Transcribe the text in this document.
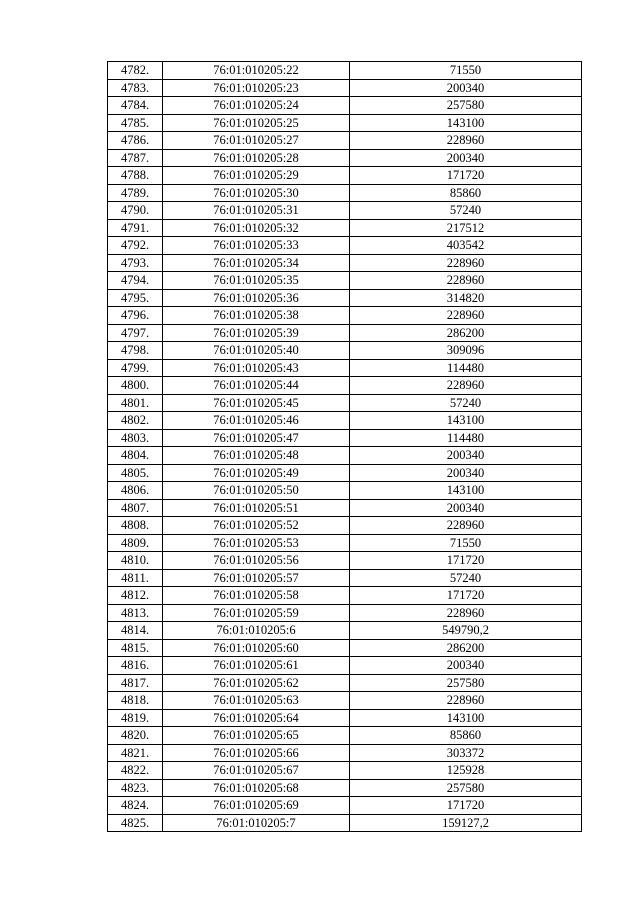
4782.	76:01:010205:22	71550
4783.	76:01:010205:23	200340
4784.	76:01:010205:24	257580
4785.	76:01:010205:25	143100
4786.	76:01:010205:27	228960
4787.	76:01:010205:28	200340
4788.	76:01:010205:29	171720
4789.	76:01:010205:30	85860
4790.	76:01:010205:31	57240
4791.	76:01:010205:32	217512
4792.	76:01:010205:33	403542
4793.	76:01:010205:34	228960
4794.	76:01:010205:35	228960
4795.	76:01:010205:36	314820
4796.	76:01:010205:38	228960
4797.	76:01:010205:39	286200
4798.	76:01:010205:40	309096
4799.	76:01:010205:43	114480
4800.	76:01:010205:44	228960
4801.	76:01:010205:45	57240
4802.	76:01:010205:46	143100
4803.	76:01:010205:47	114480
4804.	76:01:010205:48	200340
4805.	76:01:010205:49	200340
4806.	76:01:010205:50	143100
4807.	76:01:010205:51	200340
4808.	76:01:010205:52	228960
4809.	76:01:010205:53	71550
4810.	76:01:010205:56	171720
4811.	76:01:010205:57	57240
4812.	76:01:010205:58	171720
4813.	76:01:010205:59	228960
4814.	76:01:010205:6	549790,2
4815.	76:01:010205:60	286200
4816.	76:01:010205:61	200340
4817.	76:01:010205:62	257580
4818.	76:01:010205:63	228960
4819.	76:01:010205:64	143100
4820.	76:01:010205:65	85860
4821.	76:01:010205:66	303372
4822.	76:01:010205:67	125928
4823.	76:01:010205:68	257580
4824.	76:01:010205:69	171720
4825.	76:01:010205:7	159127,2
